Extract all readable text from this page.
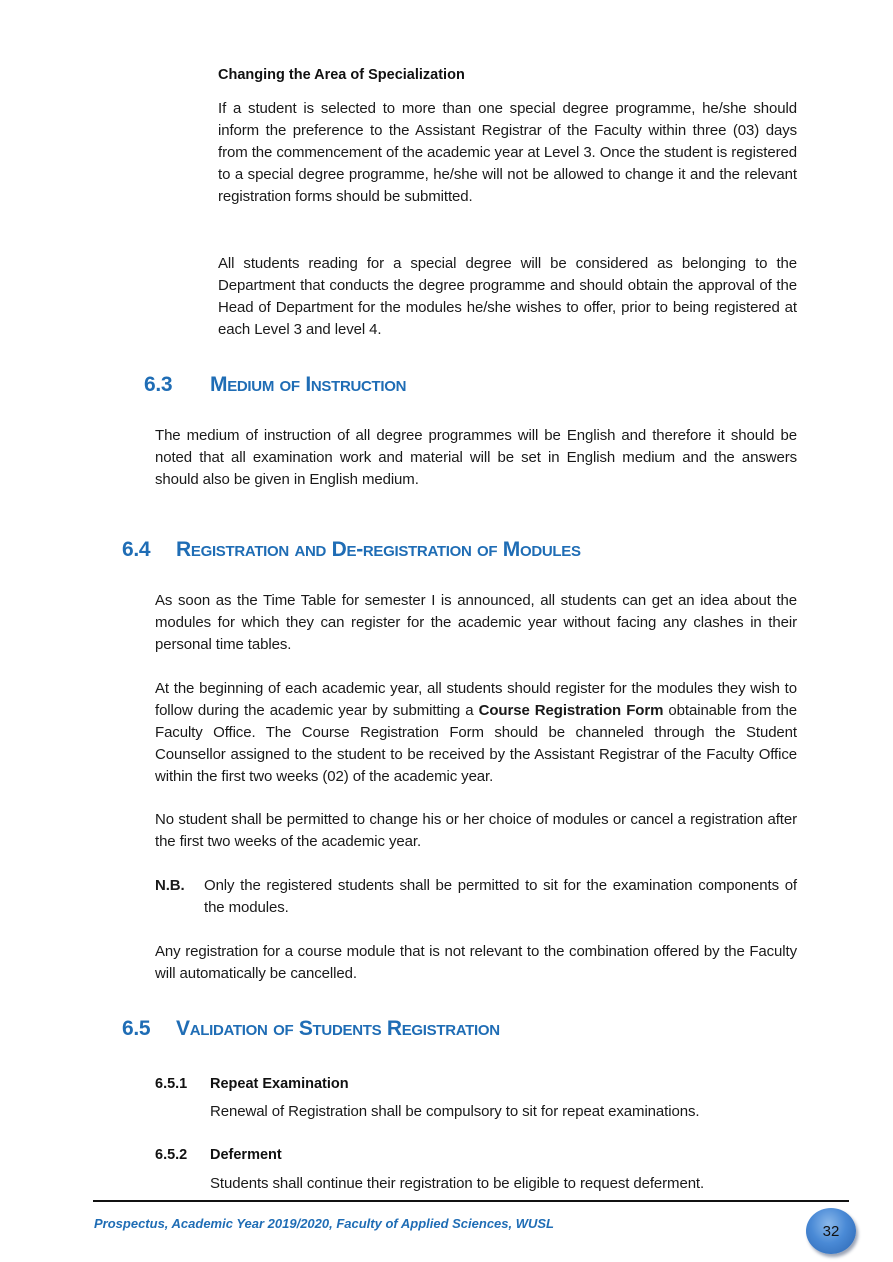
Changing the Area of Specialization
If a student is selected to more than one special degree programme, he/she should inform the preference to the Assistant Registrar of the Faculty within three (03) days from the commencement of the academic year at Level 3. Once the student is registered to a special degree programme, he/she will not be allowed to change it and the relevant registration forms should be submitted.
All students reading for a special degree will be considered as belonging to the Department that conducts the degree programme and should obtain the approval of the Head of Department for the modules he/she wishes to offer, prior to being registered at each Level 3 and level 4.
6.3 Medium of Instruction
The medium of instruction of all degree programmes will be English and therefore it should be noted that all examination work and material will be set in English medium and the answers should also be given in English medium.
6.4 Registration and De-registration of Modules
As soon as the Time Table for semester I is announced, all students can get an idea about the modules for which they can register for the academic year without facing any clashes in their personal time tables.
At the beginning of each academic year, all students should register for the modules they wish to follow during the academic year by submitting a Course Registration Form obtainable from the Faculty Office. The Course Registration Form should be channeled through the Student Counsellor assigned to the student to be received by the Assistant Registrar of the Faculty Office within the first two weeks (02) of the academic year.
No student shall be permitted to change his or her choice of modules or cancel a registration after the first two weeks of the academic year.
N.B. Only the registered students shall be permitted to sit for the examination components of the modules.
Any registration for a course module that is not relevant to the combination offered by the Faculty will automatically be cancelled.
6.5 Validation of Students Registration
6.5.1 Repeat Examination
Renewal of Registration shall be compulsory to sit for repeat examinations.
6.5.2 Deferment
Students shall continue their registration to be eligible to request deferment.
Prospectus, Academic Year 2019/2020, Faculty of Applied Sciences, WUSL	32
